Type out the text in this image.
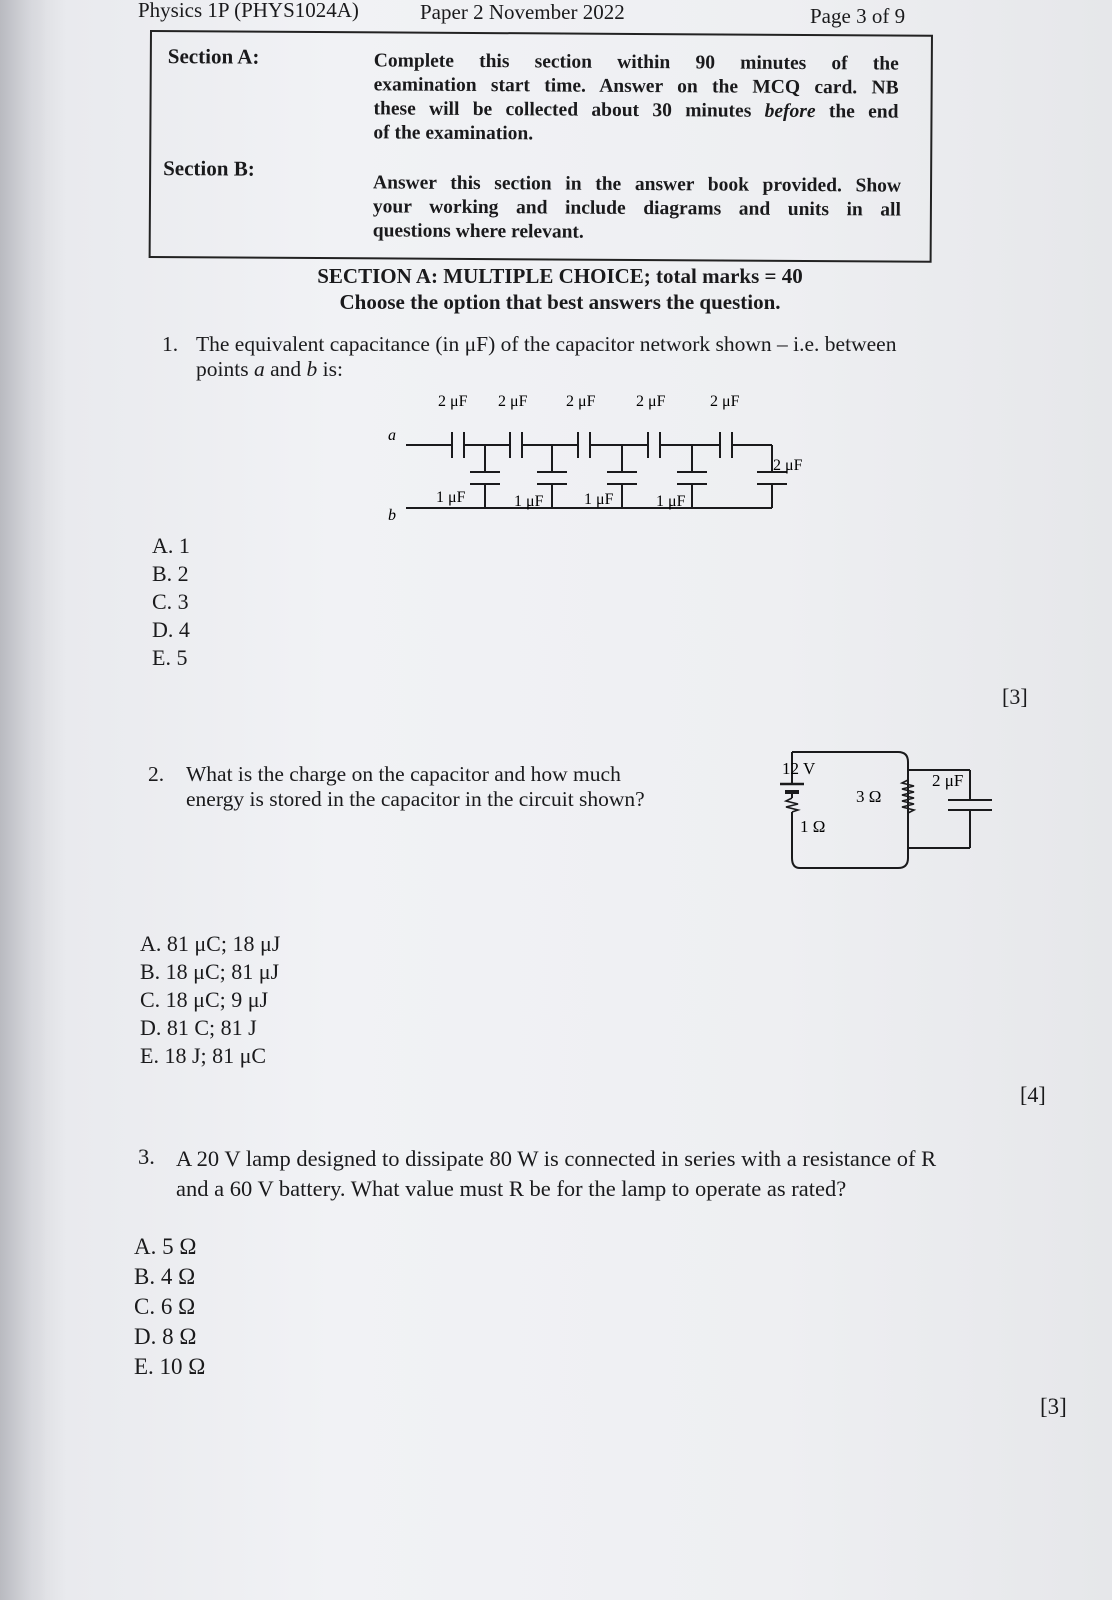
Physics 1P (PHYS1024A)	Paper 2 November 2022	Page 3 of 9
Section A:	Complete this section within 90 minutes of the
examination start time. Answer on the MCQ card. NB
these will be collected about 30 minutes before the end
of the examination.
Section B:
Answer this section in the answer book provided. Show
your working and include diagrams and units in all
questions where relevant.
SECTION A: MULTIPLE CHOICE; total marks = 40
Choose the option that best answers the question.
1. The equivalent capacitance (in μF) of the capacitor network shown – i.e. between
points a and b is:
a
b
2 μF 2 μF 2 μF	2 μF	2 μF
1 μF	1 μF	1 μF	1 μF
2 μF
A. 1
B. 2
C. 3
D. 4
E. 5
[3]
2. What is the charge on the capacitor and how much
energy is stored in the capacitor in the circuit shown?
12 V
1 Ω
3 Ω
2 μF
A. 81 μC; 18 μJ
B. 18 μC; 81 μJ
C. 18 μC; 9 μJ
D. 81 C; 81 J
E. 18 J; 81 μC
[4]
3. A 20 V lamp designed to dissipate 80 W is connected in series with a resistance of R
and a 60 V battery. What value must R be for the lamp to operate as rated?
A. 5 Ω
B. 4 Ω
C. 6 Ω
D. 8 Ω
E. 10 Ω
[3]
